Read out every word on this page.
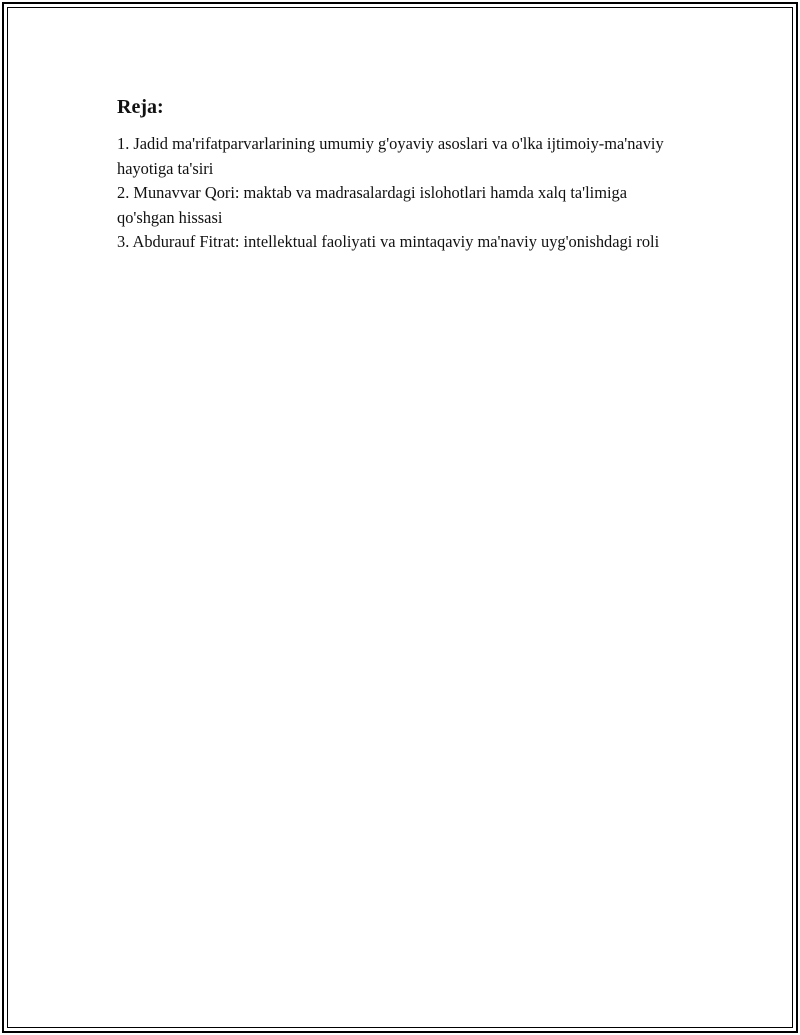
Reja:
1. Jadid ma'rifatparvarlarining umumiy g'oyaviy asoslari va o'lka ijtimoiy-ma'naviy hayotiga ta'siri
2. Munavvar Qori: maktab va madrasalardagi islohotlari hamda xalq ta'limiga qo'shgan hissasi
3. Abdurauf Fitrat: intellektual faoliyati va mintaqaviy ma'naviy uyg'onishdagi roli
